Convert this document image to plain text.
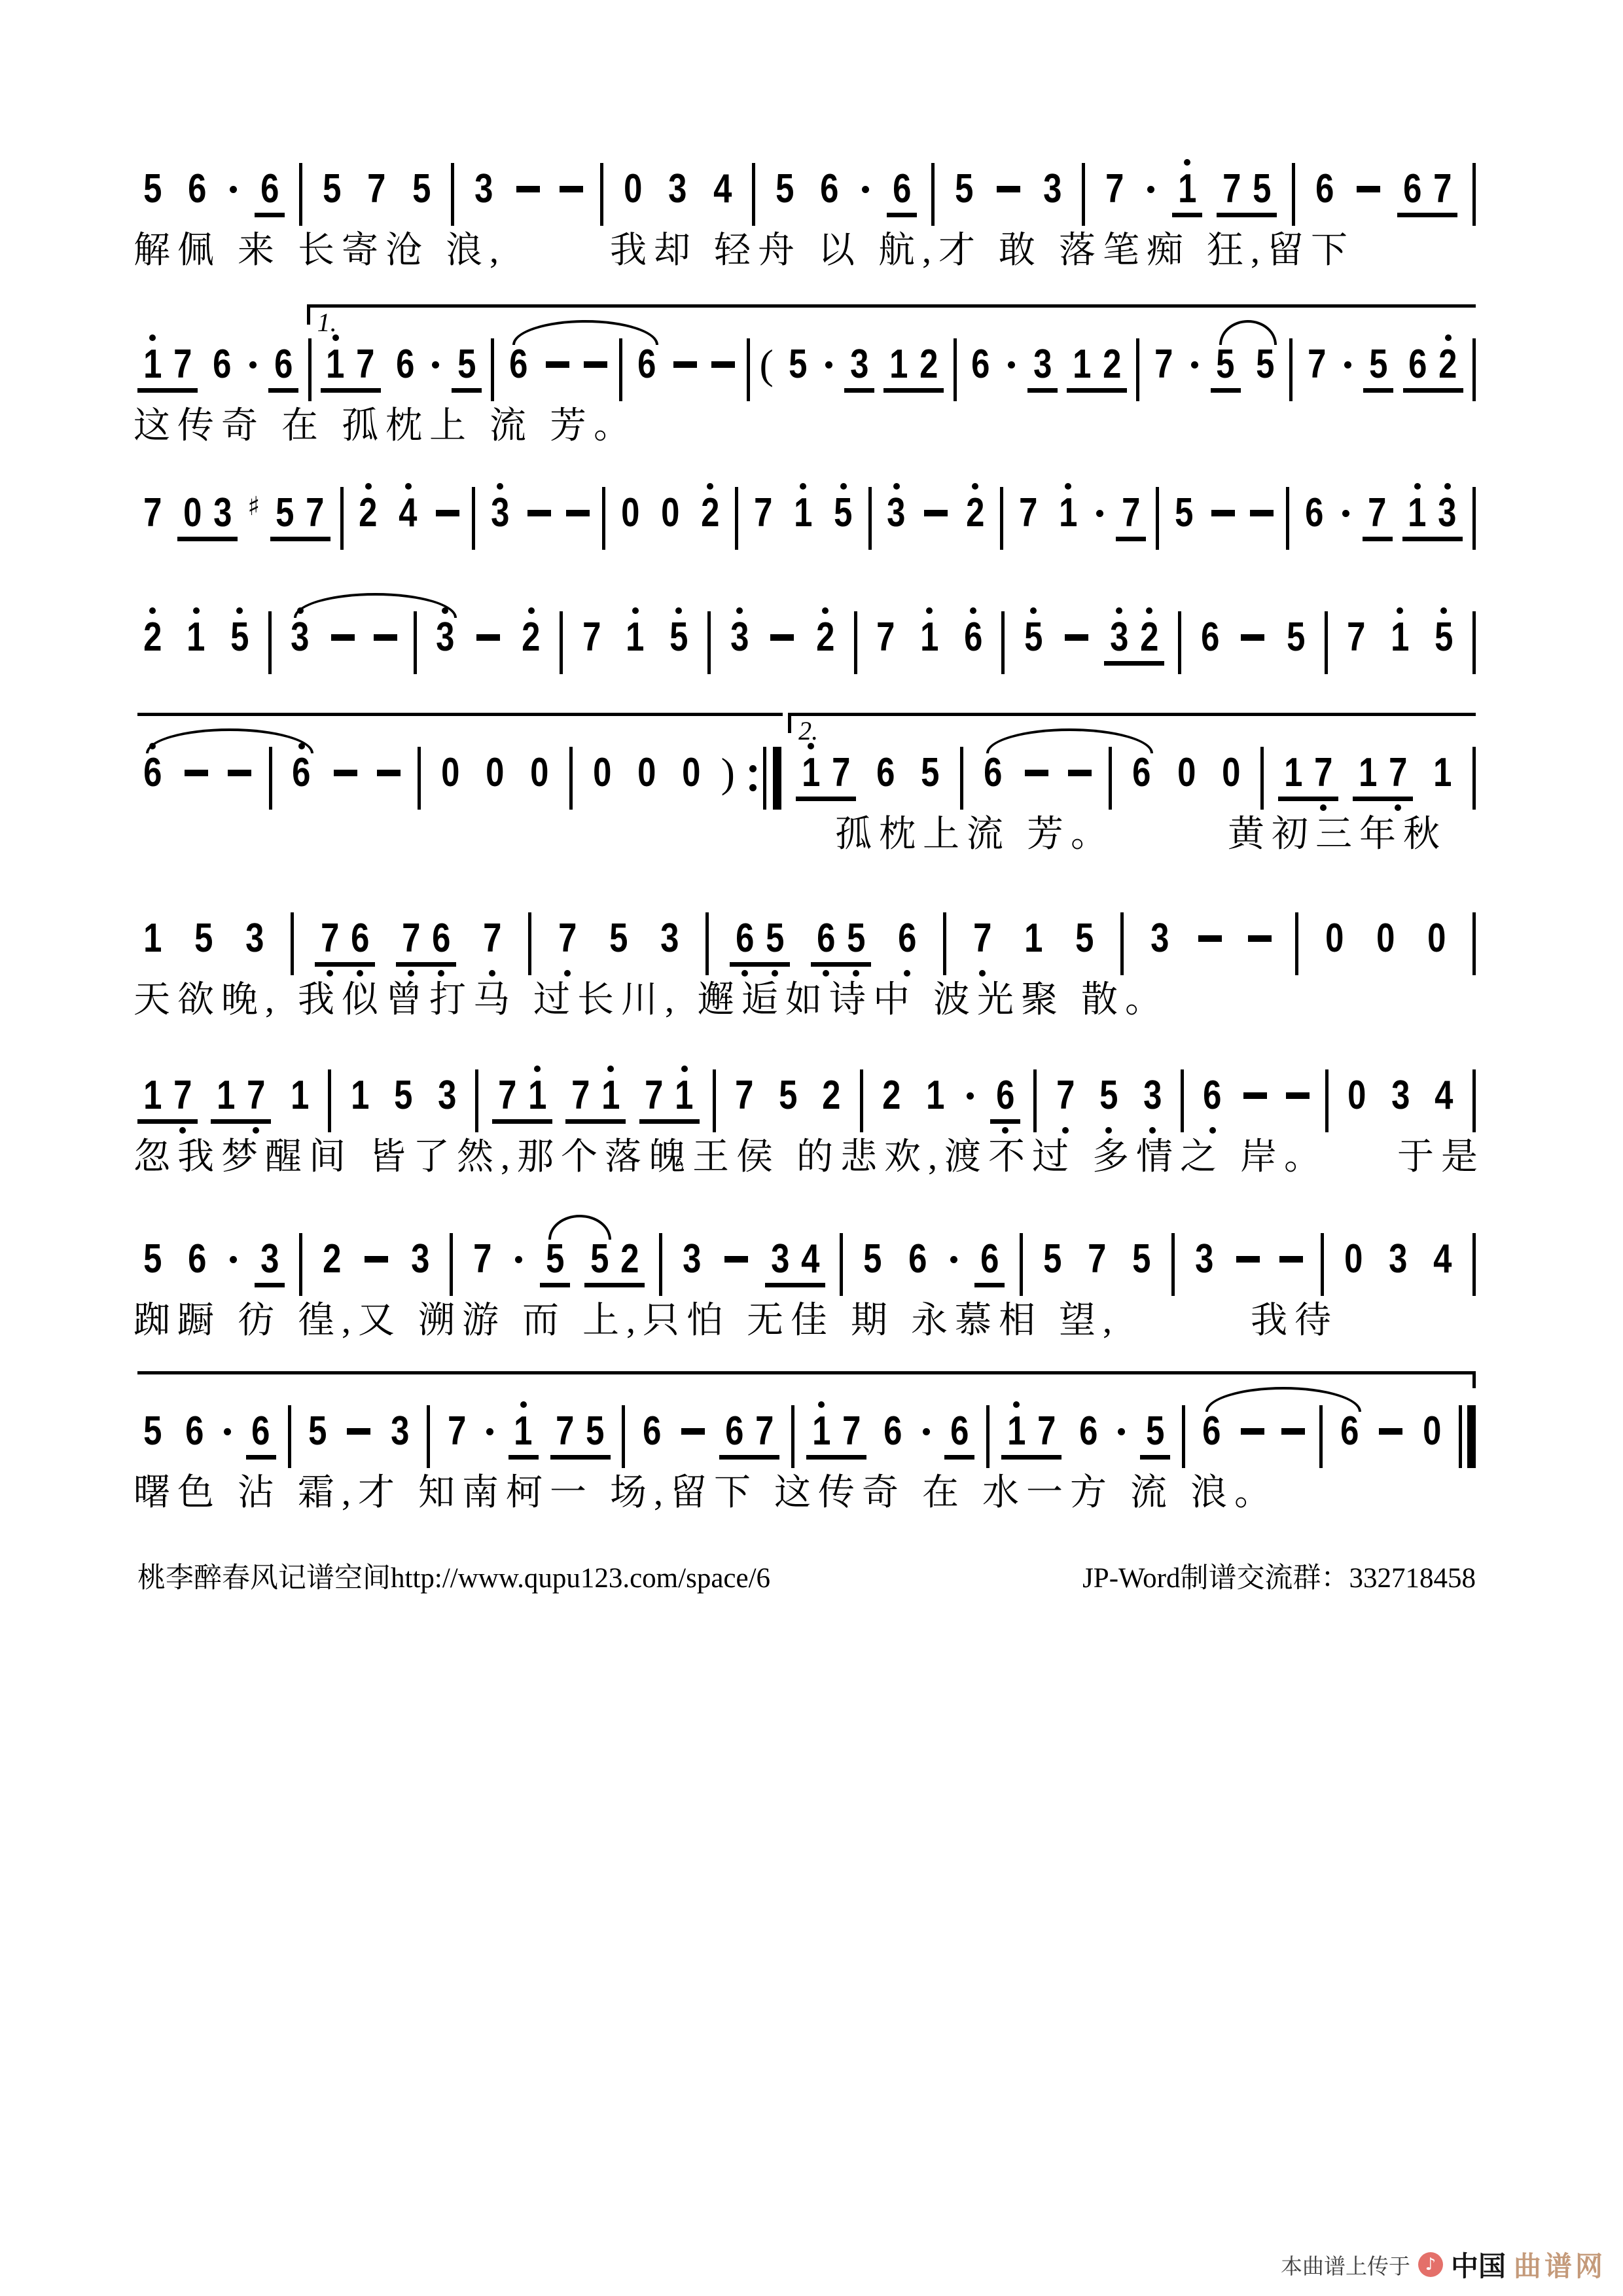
5 6 6 5 7 5 3	0 3 4 5 6 6 5 3 7 1 7 5 6 6 7
解佩 来 长寄沧 浪,　　 我却 轻舟 以 航,才 敢 落笔痴 狂,留下
1 7 6 6 1 7 6 5 6	6 ( 5 3 1 2 6 3 1 2 7 5 5 7 5 6 2
1.
这传奇 在 孤枕上 流 芳。
7 0 3 ♯ 5 7 2 4 3	0 0 2 7 1 5 3 2 7 1 7 5	6 7 1 3
2 1 5 3	3 2 7 1 5 3 2 7 1 6 5 3 2 6 5 7 1 5
6	6	0 0 0 0 0 0 ) 1 7 6 5 6	6 0 0 1 7 1 7 1
2.
　　　　　　　　　　　　　　　　孤枕上流 芳。　　　黄初三年秋
1 5 3 7 6 7 6 7 7 5 3 6 5 6 5 6 7 1 5 3	0 0 0
天欲晚, 我似曾打马 过长川, 邂逅如诗中 波光聚 散。
1 7 1 7 1 1 5 3 7 1 7 1 7 1 7 5 2 2 1 6 7 5 3 6	0 3 4
忽我梦醒间 皆了然,那个落魄王侯 的悲欢,渡不过 多情之 岸。　　于是
5 6 3 2 3 7 5 5 2 3 3 4 5 6 6 5 7 5 3	0 3 4
踟蹰 彷 徨,又 溯游 而 上,只怕 无佳 期 永慕相 望,　　　我待
5 6 6 5 3 7 1 7 5 6 6 7 1 7 6 6 1 7 6 5 6	6 0
曙色 沾 霜,才 知南柯一 场,留下 这传奇 在 水一方 流 浪。
桃李醉春风记谱空间http://www.qupu123.com/space/6	JP-Word制谱交流群：332718458
本曲谱上传于 ♪ 中国 曲谱网
